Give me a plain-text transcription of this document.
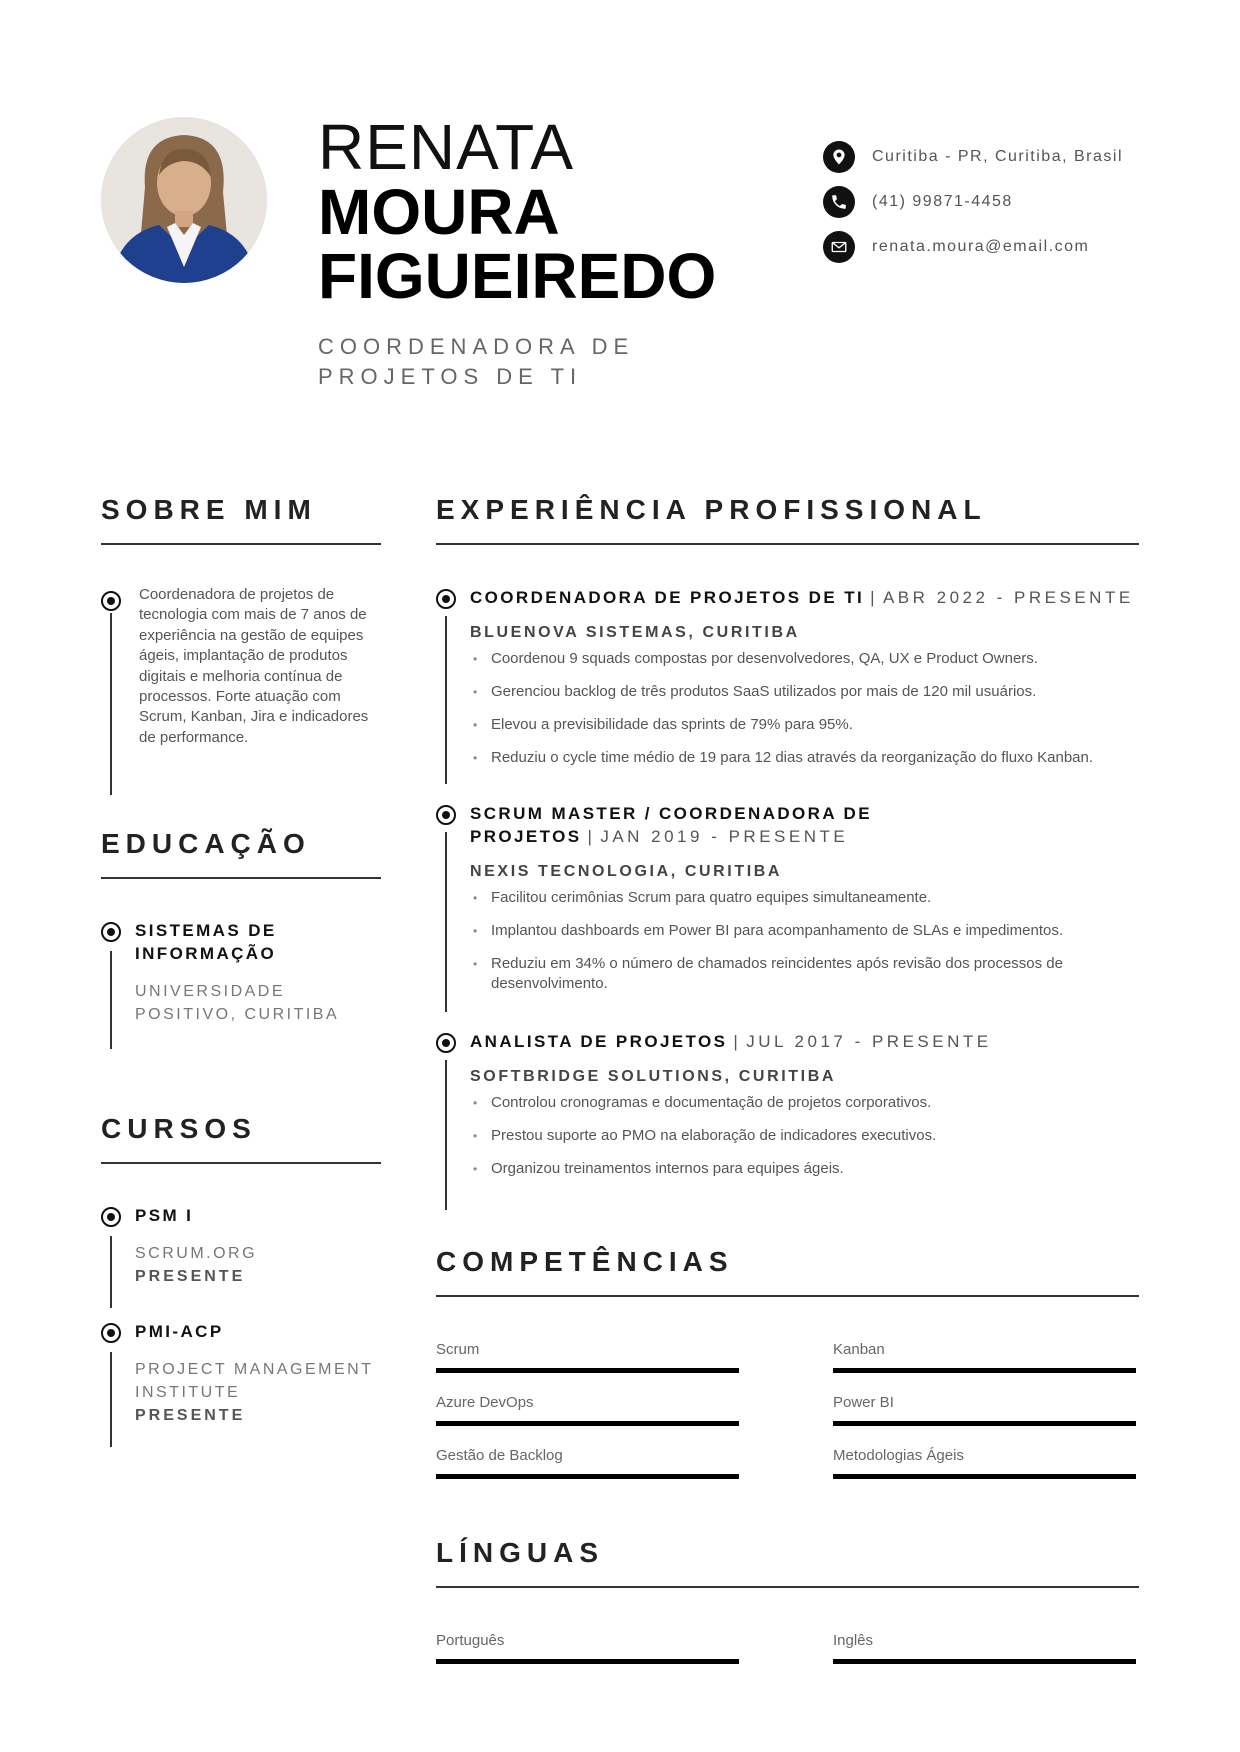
RENATA
MOURA
FIGUEIREDO
COORDENADORA DE PROJETOS DE TI
Curitiba - PR, Curitiba, Brasil
(41) 99871-4458
renata.moura@email.com
SOBRE MIM
Coordenadora de projetos de tecnologia com mais de 7 anos de experiência na gestão de equipes ágeis, implantação de produtos digitais e melhoria contínua de processos. Forte atuação com Scrum, Kanban, Jira e indicadores de performance.
EDUCAÇÃO
SISTEMAS DE INFORMAÇÃO
UNIVERSIDADE POSITIVO, CURITIBA
CURSOS
PSM I
SCRUM.ORG
PRESENTE
PMI-ACP
PROJECT MANAGEMENT INSTITUTE
PRESENTE
EXPERIÊNCIA PROFISSIONAL
COORDENADORA DE PROJETOS DE TI | ABR 2022 - PRESENTE
BLUENOVA SISTEMAS, CURITIBA
• Coordenou 9 squads compostas por desenvolvedores, QA, UX e Product Owners.
• Gerenciou backlog de três produtos SaaS utilizados por mais de 120 mil usuários.
• Elevou a previsibilidade das sprints de 79% para 95%.
• Reduziu o cycle time médio de 19 para 12 dias através da reorganização do fluxo Kanban.
SCRUM MASTER / COORDENADORA DE PROJETOS | JAN 2019 - PRESENTE
NEXIS TECNOLOGIA, CURITIBA
• Facilitou cerimônias Scrum para quatro equipes simultaneamente.
• Implantou dashboards em Power BI para acompanhamento de SLAs e impedimentos.
• Reduziu em 34% o número de chamados reincidentes após revisão dos processos de desenvolvimento.
ANALISTA DE PROJETOS | JUL 2017 - PRESENTE
SOFTBRIDGE SOLUTIONS, CURITIBA
• Controlou cronogramas e documentação de projetos corporativos.
• Prestou suporte ao PMO na elaboração de indicadores executivos.
• Organizou treinamentos internos para equipes ágeis.
COMPETÊNCIAS
Scrum	Kanban
Azure DevOps	Power BI
Gestão de Backlog	Metodologias Ágeis
LÍNGUAS
Português	Inglês
